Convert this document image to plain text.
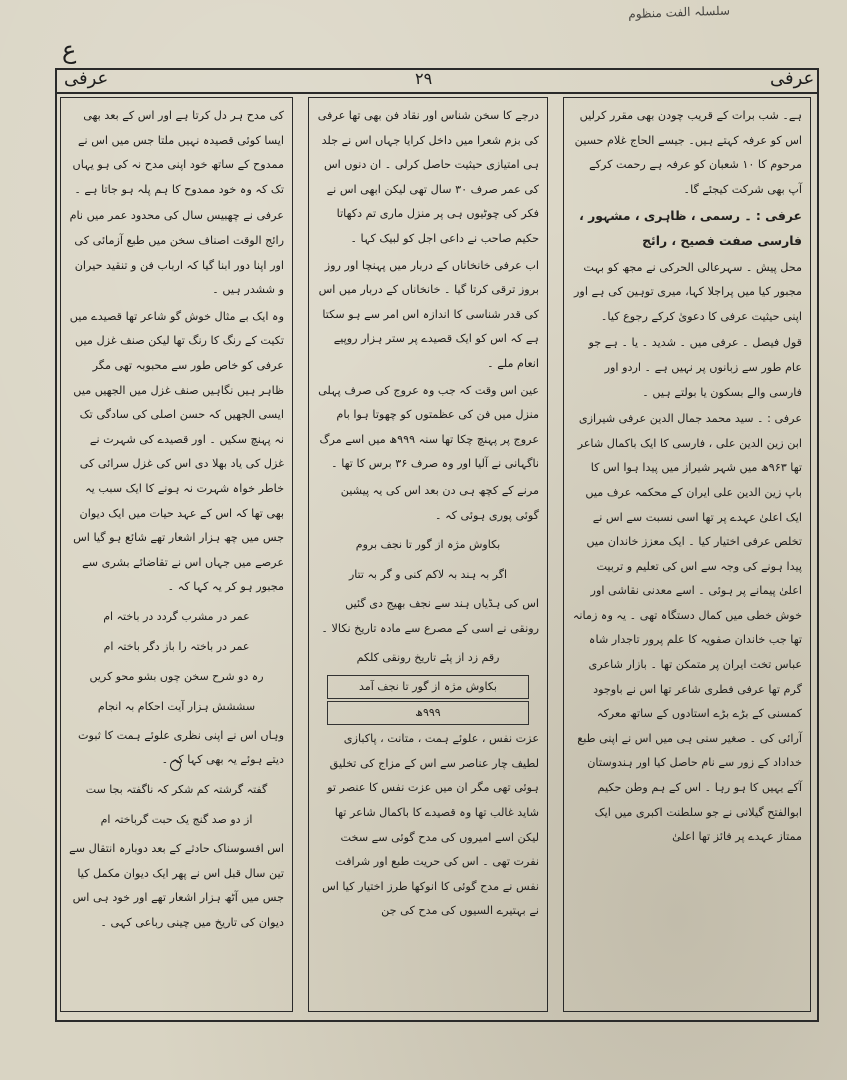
سلسلہ الفت منظوم
ع
عرفی	۲۹	عرفی

ہے۔ شب برات کے قریب چودن بھی مقرر کرلیں اس کو عرفہ کہتے ہیں۔ جیسے الحاج غلام حسین مرحوم کا ۱۰ شعبان کو عرفہ ہے رحمت کرکے آپ بھی شرکت کیجئے گا۔

عرفی : ۔ رسمی ، ظاہری ، مشہور ، فارسی صفت فصیح ، رائج

محل پیش ۔ سہرعالی الحرکی نے مجھ کو بہت مجبور کیا میں پراجلا کہا، میری توہین کی ہے اور اپنی حیثیت عرفی کا دعویٰ کرکے رجوع کیا۔

قول فیصل ۔ عرفی میں ۔ شدید ۔ یا ۔ ہے جو عام طور سے زبانوں پر نہیں ہے ۔ اردو اور فارسی والے بسکون یا بولتے ہیں ۔

عرفی : ۔ سید محمد جمال الدین عرفی شیرازی ابن زین الدین علی ، فارسی کا ایک باکمال شاعر تھا ۹۶۳ھ میں شہر شیراز میں پیدا ہوا اس کا باپ زین الدین علی ایران کے محکمہ عرف میں ایک اعلیٰ عہدے پر تھا اسی نسبت سے اس نے تخلص عرفی اختیار کیا ۔ ایک معزز خاندان میں پیدا ہونے کی وجہ سے اس کی تعلیم و تربیت اعلیٰ پیمانے پر ہوئی ۔ اسے معدنی نقاشی اور خوش خطی میں کمال دستگاہ تھی ۔ یہ وہ زمانہ تھا جب خاندان صفویہ کا علم پرور تاجدار شاہ عباس تخت ایران پر متمکن تھا ۔ بازار شاعری گرم تھا عرفی فطری شاعر تھا اس نے باوجود کمسنی کے بڑے بڑے استادوں کے ساتھ معرکہ آرائی کی ۔ صغیر سنی ہی میں اس نے اپنی طبع خداداد کے زور سے نام حاصل کیا اور ہندوستان آکے یہیں کا ہو رہا ۔ اس کے ہم وطن حکیم ابوالفتح گیلانی نے جو سلطنت اکبری میں ایک ممتاز عہدے پر فائز تھا اعلیٰ

درجے کا سخن شناس اور نقاد فن بھی تھا عرفی کی بزم شعرا میں داخل کرایا جہاں اس نے جلد ہی امتیازی حیثیت حاصل کرلی ۔ ان دنوں اس کی عمر صرف ۳۰ سال تھی لیکن ابھی اس نے فکر کی چوٹیوں ہی پر منزل ماری تم دکھاتا حکیم صاحب نے داعی اجل کو لبیک کہا ۔

اب عرفی خانخاناں کے دربار میں پہنچا اور روز بروز ترقی کرتا گیا ۔ خانخاناں کے دربار میں اس کی قدر شناسی کا اندازہ اس امر سے ہو سکتا ہے کہ اس کو ایک قصیدے پر ستر ہزار روپیے انعام ملے ۔

عین اس وقت کہ جب وہ عروج کی صرف پہلی منزل میں فن کی عظمتوں کو چھوتا ہوا بام عروج پر پہنچ چکا تھا سنہ ۹۹۹ھ میں اسے مرگ ناگہانی نے آلیا اور وہ صرف ۳۶ برس کا تھا ۔

مرنے کے کچھ ہی دن بعد اس کی یہ پیشین گوئی پوری ہوئی کہ ۔

بکاوش مژہ از گور تا نجف بروم
اگر بہ ہند بہ لاکم کنی و گر بہ تتار

اس کی ہڈیاں ہند سے نجف بھیج دی گئیں رونقی نے اسی کے مصرع سے مادہ تاریخ نکالا ۔

رقم زد از پئے تاریخ رونقی کلکم
بکاوش مژہ از گور تا نجف آمد
۹۹۹ھ

عزت نفس ، علوئے ہمت ، متانت ، پاکبازی لطیف چار عناصر سے اس کے مزاج کی تخلیق ہوئی تھی مگر ان میں عزت نفس کا عنصر تو شاید غالب تھا وہ قصیدے کا باکمال شاعر تھا لیکن اسے امیروں کی مدح گوئی سے سخت نفرت تھی ۔ اس کی حریت طبع اور شرافت نفس نے مدح گوئی کا انوکھا طرز اختیار کیا اس نے بہتیرے السیوں کی مدح کی جن

کی مدح ہر دل کرتا ہے اور اس کے بعد بھی ایسا کوئی قصیدہ نہیں ملتا جس میں اس نے ممدوح کے ساتھ خود اپنی مدح نہ کی ہو یہاں تک کہ وہ خود ممدوح کا ہم پلہ ہو جاتا ہے ۔

عرفی نے چھبیس سال کی محدود عمر میں نام رائج الوقت اصناف سخن میں طبع آزمائی کی اور اپنا دور ابنا گیا کہ ارباب فن و تنقید حیران و ششدر ہیں ۔

وہ ایک بے مثال خوش گو شاعر تھا قصیدے میں تکیت کے رنگ کا رنگ تھا لیکن صنف غزل میں عرفی کو خاص طور سے محبوبہ تھی مگر ظاہر ہیں نگاہیں صنف غزل میں الجھیں میں ایسی الجھیں کہ حسن اصلی کی سادگی تک نہ پہنچ سکیں ۔ اور قصیدے کی شہرت نے غزل کی یاد بھلا دی اس کی غزل سرائی کی خاطر خواہ شہرت نہ ہونے کا ایک سبب یہ بھی تھا کہ اس کے عہد حیات میں ایک دیوان جس میں چھ ہزار اشعار تھے شائع ہو گیا اس عرصے میں جہاں اس نے تقاضائے بشری سے مجبور ہو کر یہ کہا کہ ۔

عمر در مشرب گردد در باختہ ام
عمر در باختہ را باز دگر باختہ ام
رہ دو شرح سخن چوں بشو محو کریں
سششش ہزار آیت احکام بہ انجام

وہاں اس نے اپنی نظری علوئے ہمت کا ثبوت دیتے ہوئے یہ بھی کہا کہ ۔

گفتہ گرشتہ کم شکر کہ ناگفتہ بجا ست
از دو صد گنج یک حبت گرباختہ ام

اس افسوسناک حادثے کے بعد دوبارہ انتقال سے تین سال قبل اس نے پھر ایک دیوان مکمل کیا جس میں آٹھ ہزار اشعار تھے اور خود ہی اس دیوان کی تاریخ میں چینی رباعی کہی ۔
